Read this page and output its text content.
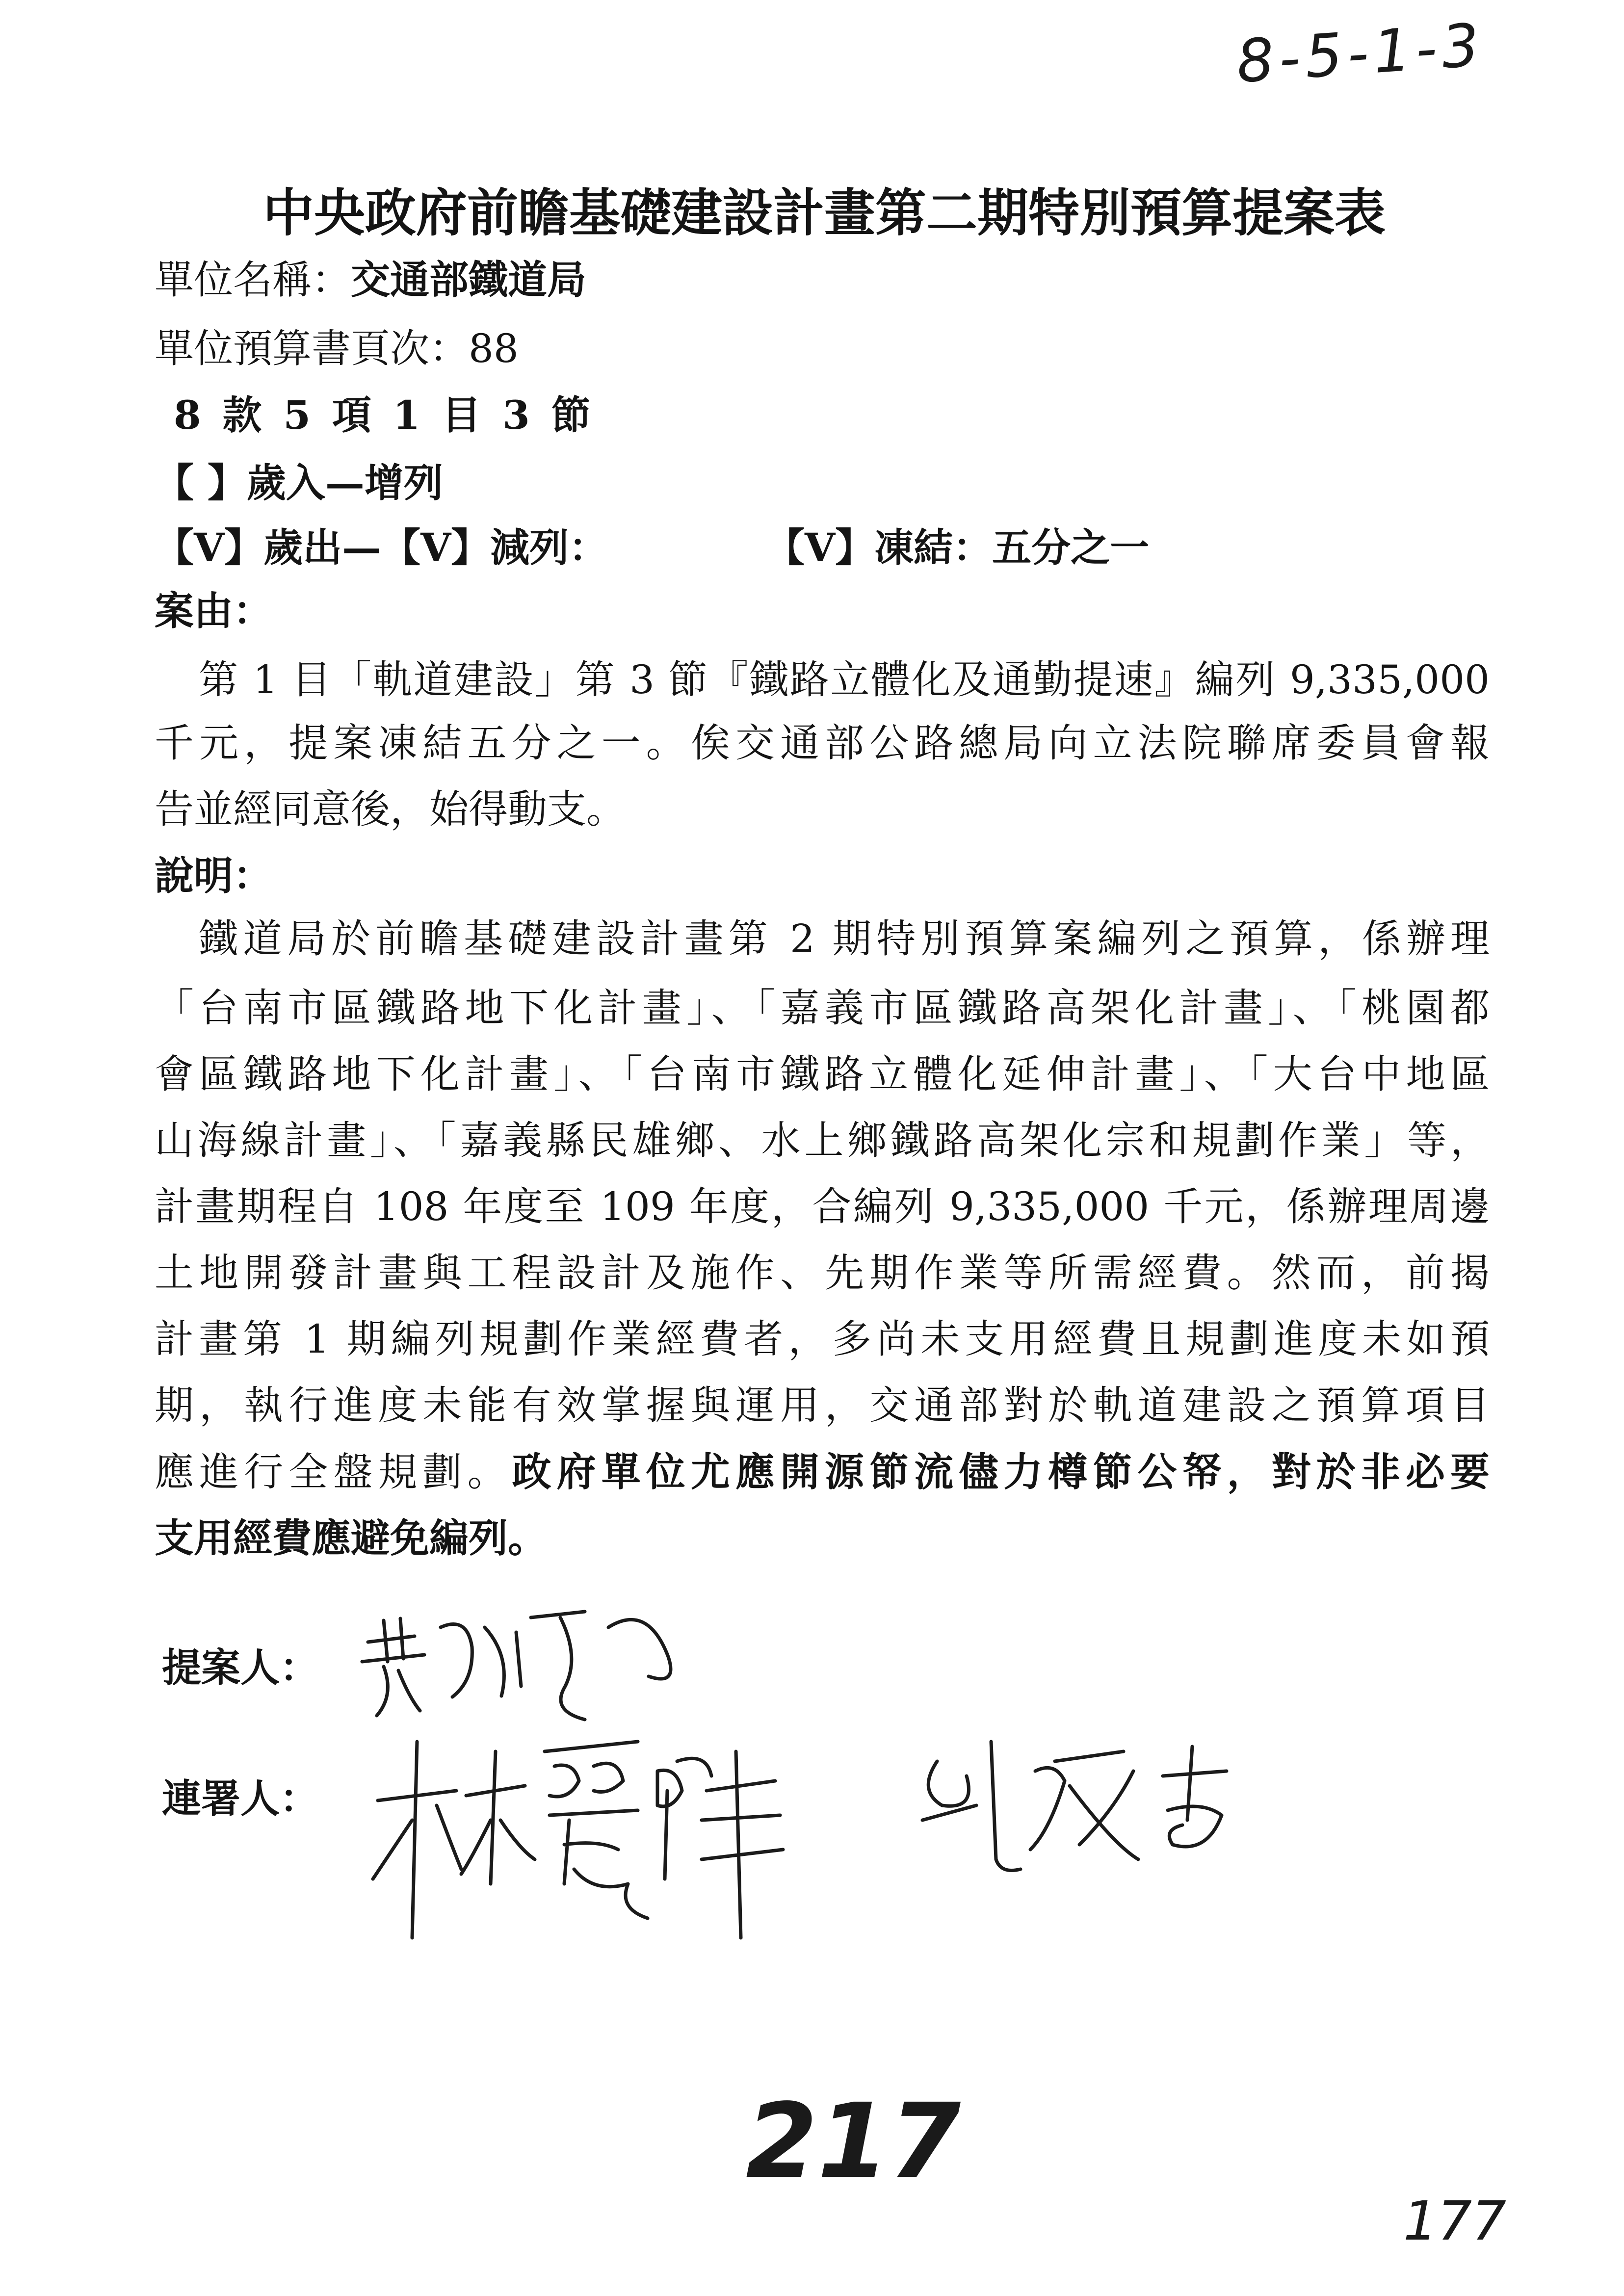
8-5-1-3
中央政府前瞻基礎建設計畫第二期特別預算提案表
單位名稱：交通部鐵道局
單位預算書頁次：88
8 款 5 項 1 目 3 節
【 】歲入—增列
【V】歲出—【V】減列：	【V】凍結：五分之一
案由：
第 1 目「軌道建設」第 3 節『鐵路立體化及通勤提速』編列 9,335,000
千元，提案凍結五分之一。俟交通部公路總局向立法院聯席委員會報
告並經同意後，始得動支。
說明：
鐵道局於前瞻基礎建設計畫第 2 期特別預算案編列之預算，係辦理
「台南市區鐵路地下化計畫」、「嘉義市區鐵路高架化計畫」、「桃園都
會區鐵路地下化計畫」、「台南市鐵路立體化延伸計畫」、「大台中地區
山海線計畫」、「嘉義縣民雄鄉、水上鄉鐵路高架化宗和規劃作業」等，
計畫期程自 108 年度至 109 年度，合編列 9,335,000 千元，係辦理周邊
土地開發計畫與工程設計及施作、先期作業等所需經費。然而，前揭
計畫第 1 期編列規劃作業經費者，多尚未支用經費且規劃進度未如預
期，執行進度未能有效掌握與運用，交通部對於軌道建設之預算項目
應進行全盤規劃。政府單位尤應開源節流儘力樽節公帑，對於非必要
支用經費應避免編列。
提案人：
連署人：
217
177
